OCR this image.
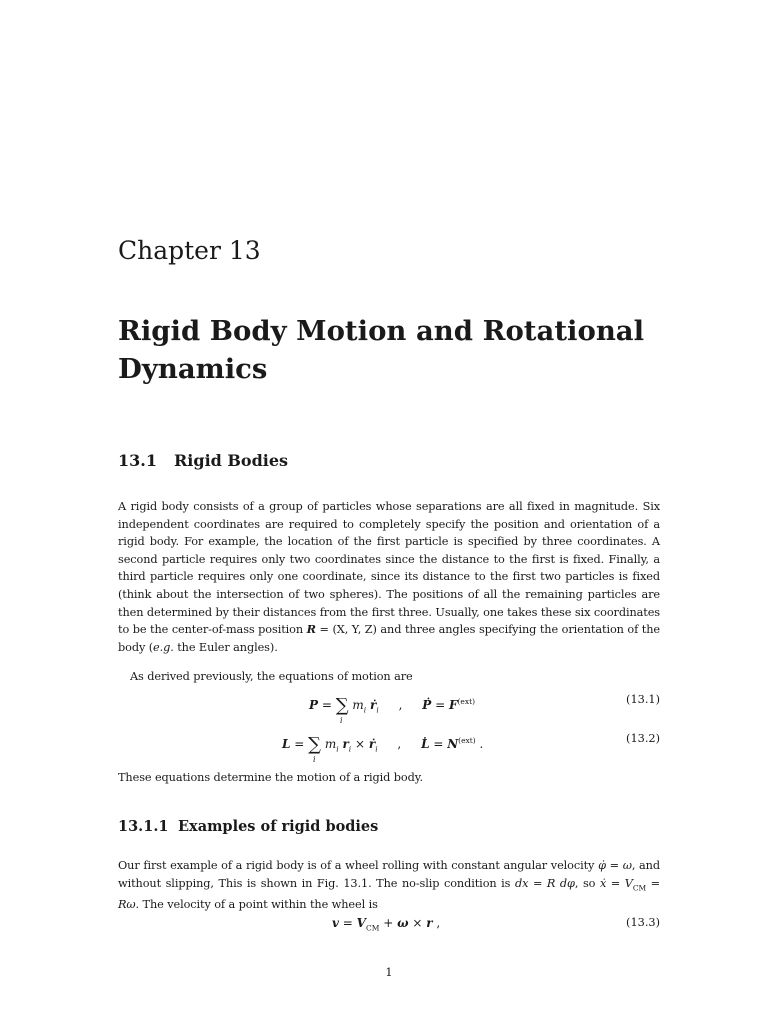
Chapter 13
Rigid Body Motion and Rotational Dynamics
13.1 Rigid Bodies
A rigid body consists of a group of particles whose separations are all fixed in magnitude. Six independent coordinates are required to completely specify the position and orientation of a rigid body. For example, the location of the first particle is specified by three coordinates. A second particle requires only two coordinates since the distance to the first is fixed. Finally, a third particle requires only one coordinate, since its distance to the first two particles is fixed (think about the intersection of two spheres). The positions of all the remaining particles are then determined by their distances from the first three. Usually, one takes these six coordinates to be the center-of-mass position R = (X, Y, Z) and three angles specifying the orientation of the body (e.g. the Euler angles).
As derived previously, the equations of motion are
P = ∑
i
$m_i$ ṙ$_i$ , Ṗ = $F^{(ext)}$	(13.1)
L = ∑
i
$m_i$ $r_i$ × ṙ$_i$ , L̇ = $N^{(ext)}$ .	(13.2)
These equations determine the motion of a rigid body.
13.1.1 Examples of rigid bodies
Our first example of a rigid body is of a wheel rolling with constant angular velocity φ̇ = ω, and without slipping, This is shown in Fig. 13.1. The no-slip condition is dx = R dφ, so ẋ = $V_{CM} = R\omega$. The velocity of a point within the wheel is
$v = V_{CM} + \omega \times r$ ,	(13.3)
1
